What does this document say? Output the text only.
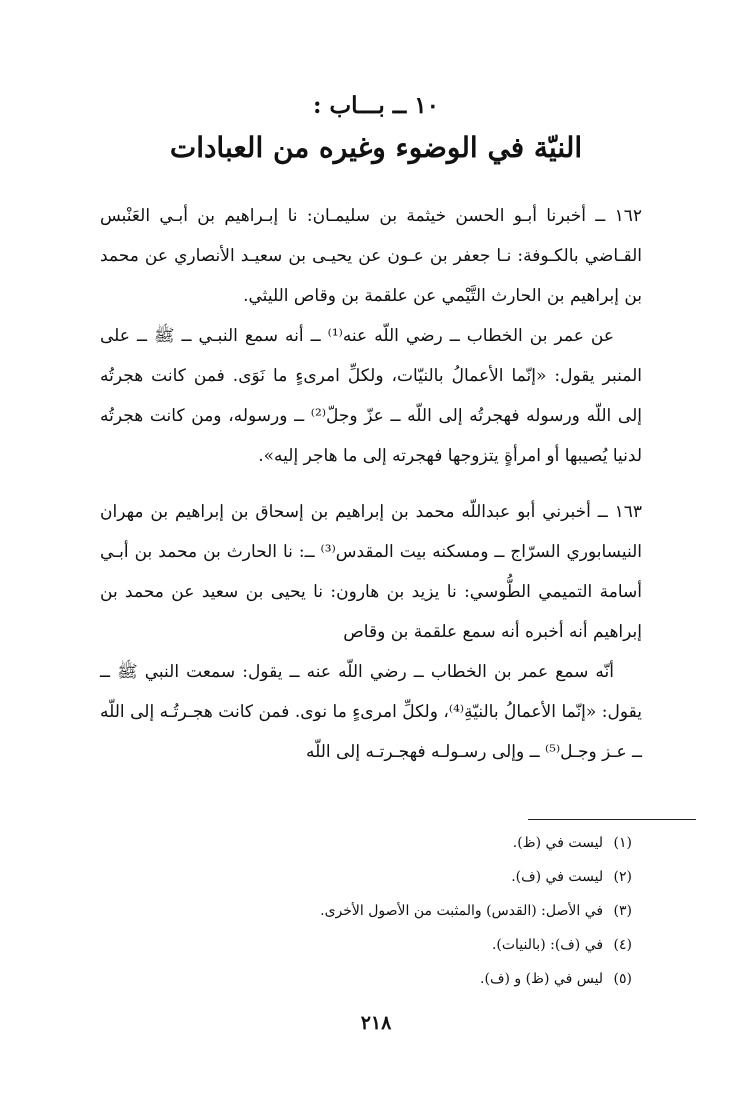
١٠ ــ بـــاب :
النيّة في الوضوء وغيره من العبادات

١٦٢ ــ أخبرنا أبـو الحسن خيثمة بن سليمـان: نا إبـراهيم بن أبـي العَنْبس القـاضي بالكـوفة: نـا جعفر بن عـون عن يحيـى بن سعيـد الأنصاري عن محمد بن إبراهيم بن الحارث التَّيْمي عن علقمة بن وقاص الليثي.

عن عمر بن الخطاب ــ رضي اللّه عنه⁽¹⁾ ــ أنه سمع النبـي ــ ﷺ ــ على المنبر يقول: «إنّما الأعمالُ بالنيّات، ولكلِّ امرىءٍ ما نَوَى. فمن كانت هجرتُه إلى اللّه ورسوله فهجرتُه إلى اللّه ــ عزّ وجلّ⁽²⁾ ــ ورسوله، ومن كانت هجرتُه لدنيا يُصيبها أو امرأةٍ يتزوجها فهجرته إلى ما هاجر إليه».

١٦٣ ــ أخبرني أبو عبداللّه محمد بن إبراهيم بن إسحاق بن إبراهيم بن مهران النيسابوري السرّاج ــ ومسكنه بيت المقدس⁽³⁾ ــ: نا الحارث بن محمد بن أبـي أسامة التميمي الطُّوسي: نا يزيد بن هارون: نا يحيى بن سعيد عن محمد بن إبراهيم أنه أخبره أنه سمع علقمة بن وقاص

أنّه سمع عمر بن الخطاب ــ رضي اللّه عنه ــ يقول: سمعت النبي ﷺ ــ يقول: «إنّما الأعمالُ بالنيّةِ⁽⁴⁾، ولكلِّ امرىءٍ ما نوى. فمن كانت هجـرتُـه إلى اللّه ــ عـز وجـل⁽⁵⁾ ــ وإلى رسـولـه فهجـرتـه إلى اللّه

(١) ليست في (ظ).
(٢) ليست في (ف).
(٣) في الأصل: (القدس) والمثبت من الأصول الأخرى.
(٤) في (ف): (بالنيات).
(٥) ليس في (ظ) و (ف).
٢١٨
